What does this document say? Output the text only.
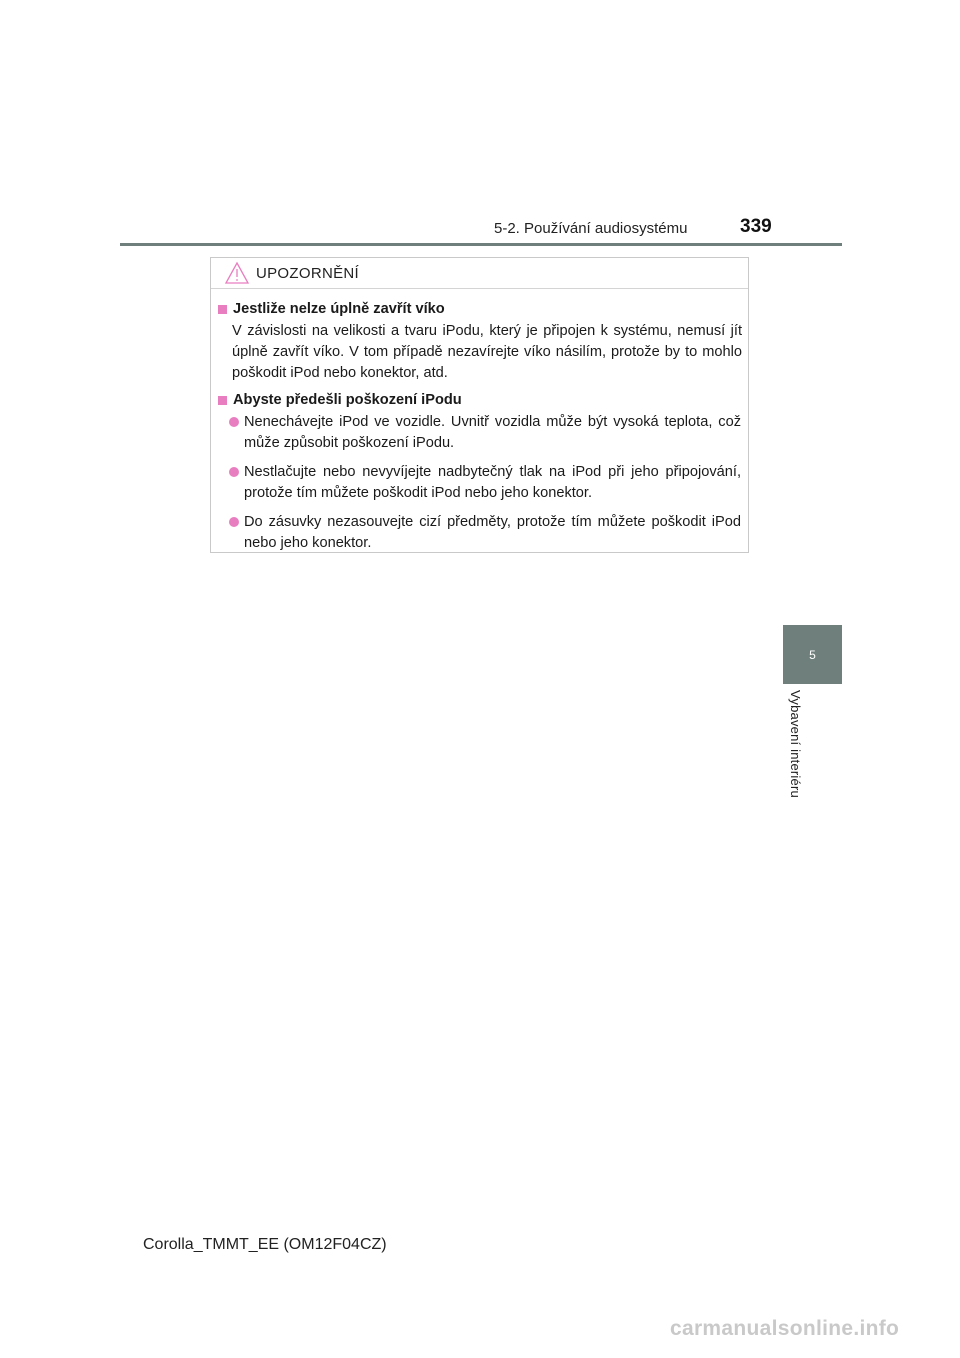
5-2. Používání audiosystému	339
5
Vybavení interiéru
UPOZORNĚNÍ
Jestliže nelze úplně zavřít víko
V závislosti na velikosti a tvaru iPodu, který je připojen k systému, nemusí jít úplně zavřít víko. V tom případě nezavírejte víko násilím, protože by to mohlo poškodit iPod nebo konektor, atd.
Abyste předešli poškození iPodu
Nenechávejte iPod ve vozidle. Uvnitř vozidla může být vysoká teplota, což může způsobit poškození iPodu.
Nestlačujte nebo nevyvíjejte nadbytečný tlak na iPod při jeho připojování, protože tím můžete poškodit iPod nebo jeho konektor.
Do zásuvky nezasouvejte cizí předměty, protože tím můžete poškodit iPod nebo jeho konektor.
Corolla_TMMT_EE (OM12F04CZ)
carmanualsonline.info
